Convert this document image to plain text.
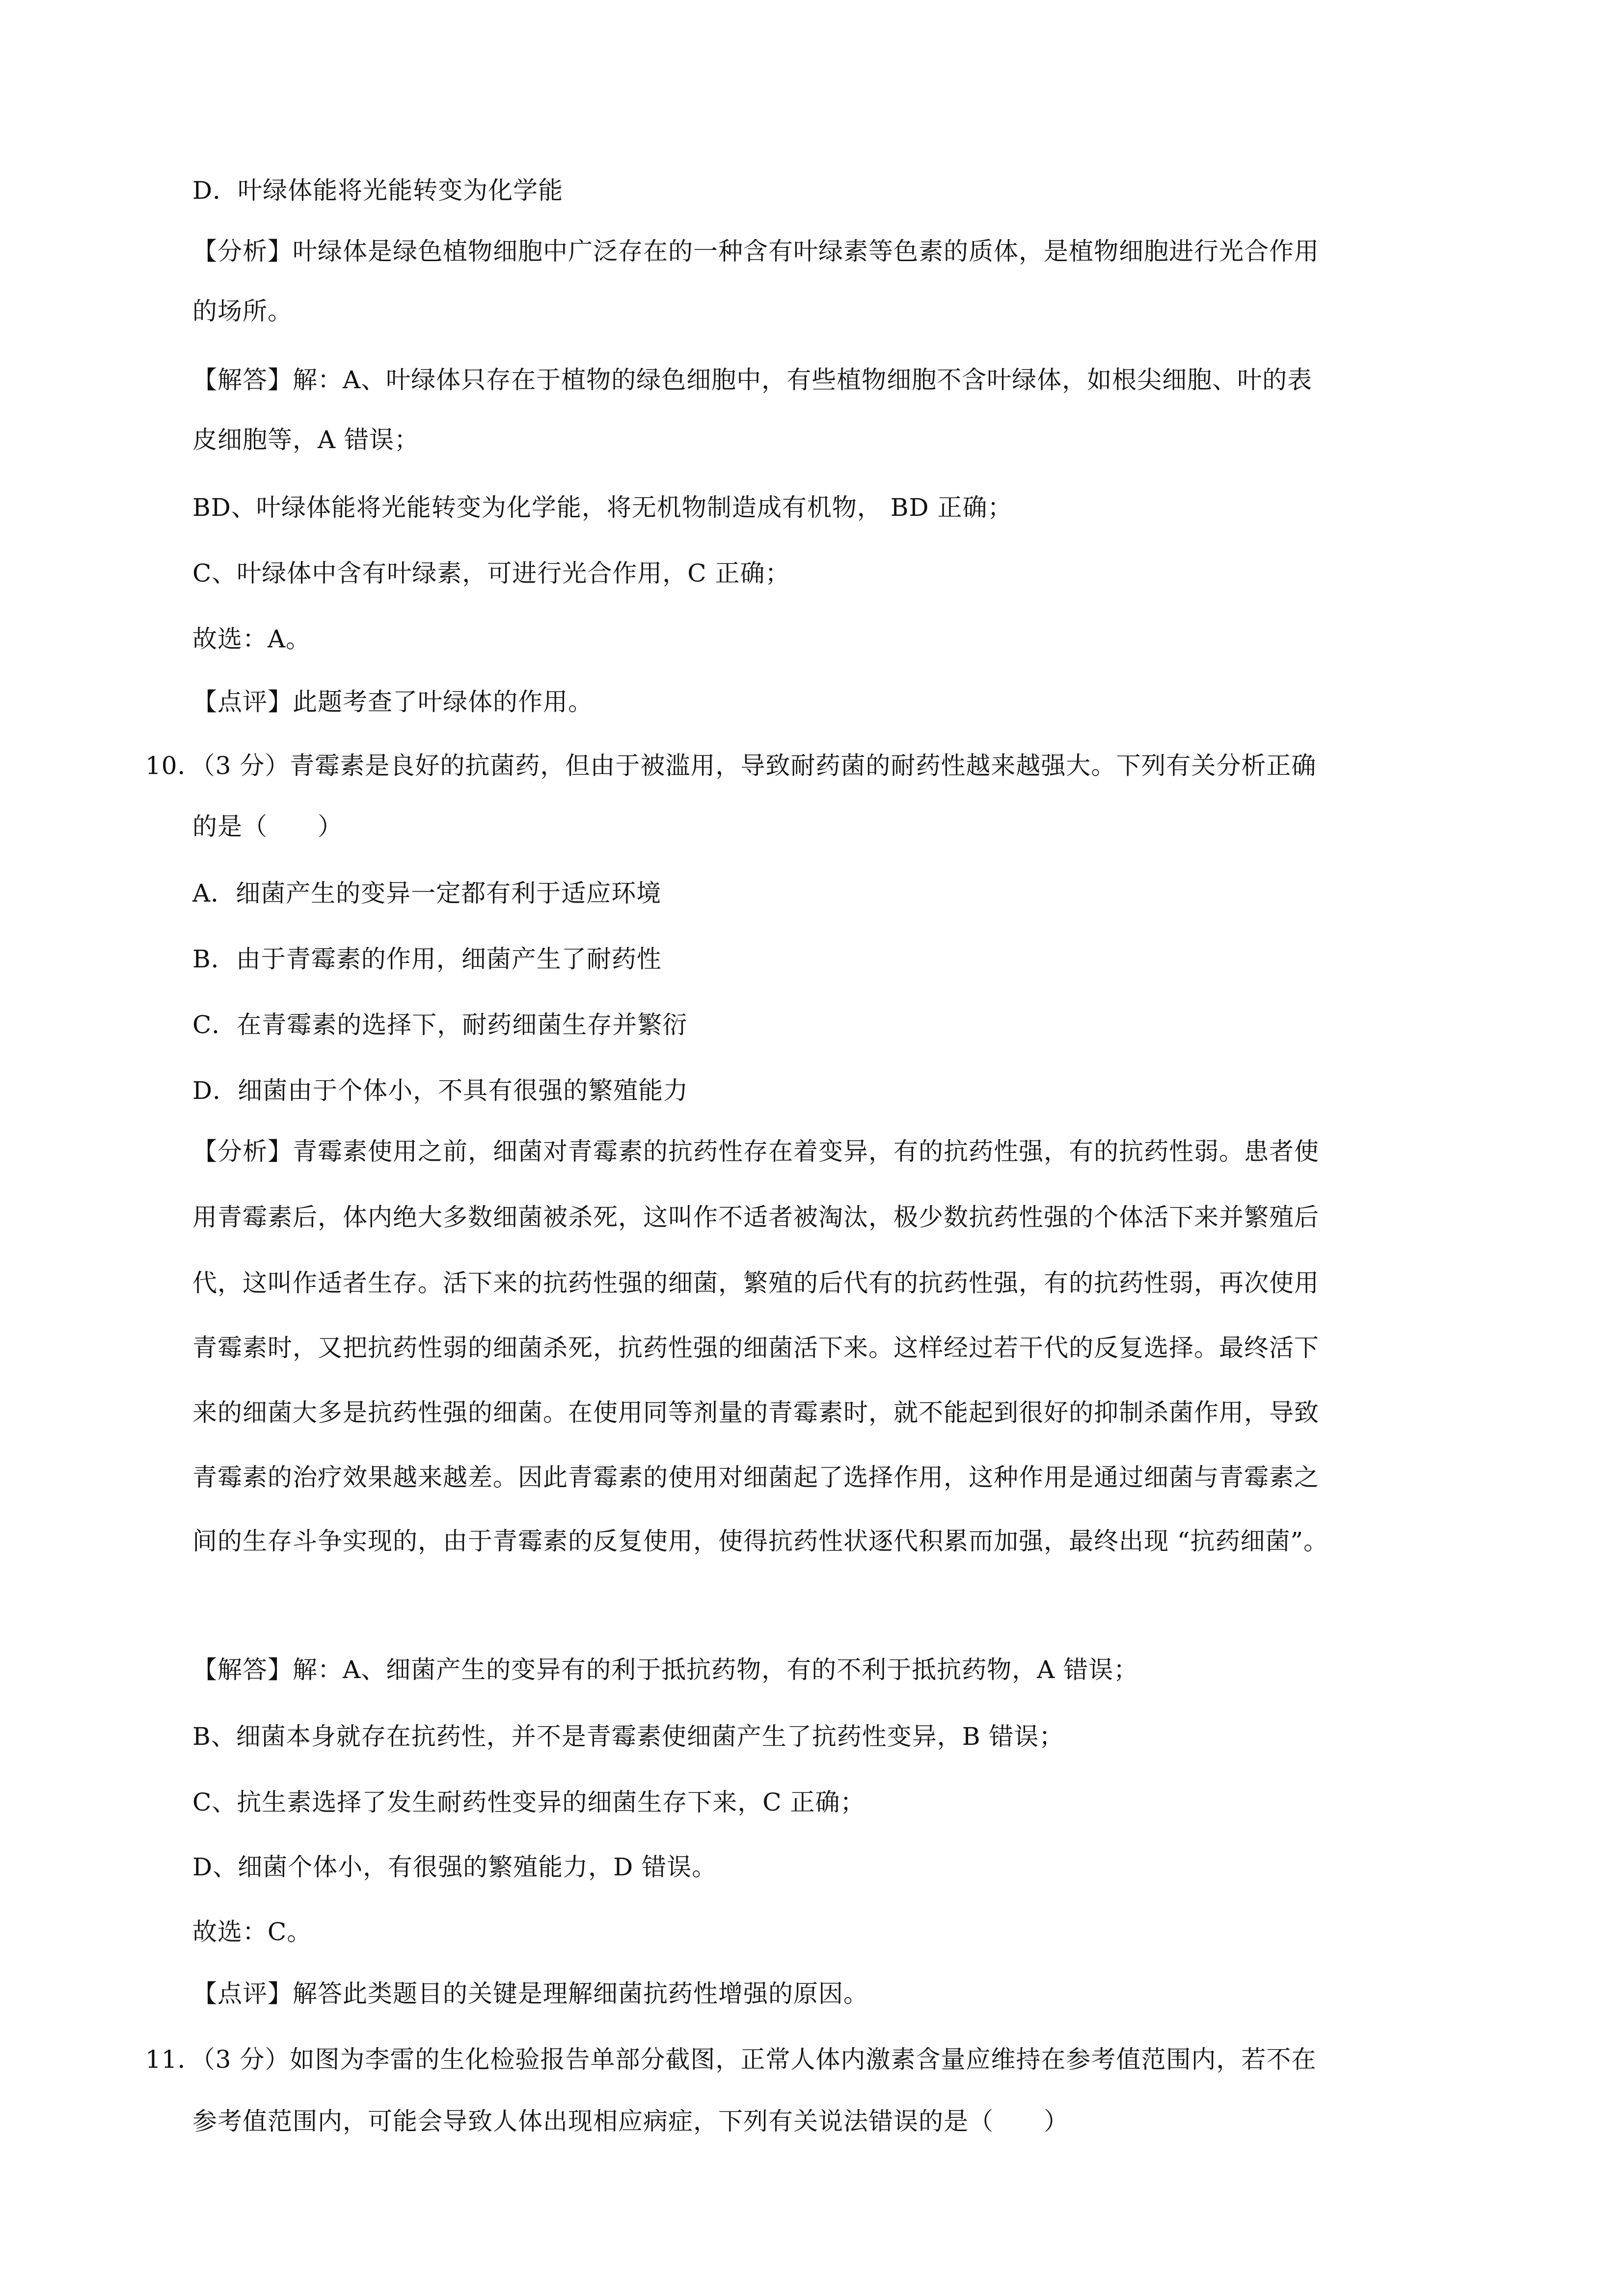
D．叶绿体能将光能转变为化学能
【分析】叶绿体是绿色植物细胞中广泛存在的一种含有叶绿素等色素的质体，是植物细胞进行光合作用
的场所。
【解答】解：A、叶绿体只存在于植物的绿色细胞中，有些植物细胞不含叶绿体，如根尖细胞、叶的表
皮细胞等，A 错误；
BD、叶绿体能将光能转变为化学能，将无机物制造成有机物， BD 正确；
C、叶绿体中含有叶绿素，可进行光合作用，C 正确；
故选：A。
【点评】此题考查了叶绿体的作用。
10．（3 分）青霉素是良好的抗菌药，但由于被滥用，导致耐药菌的耐药性越来越强大。下列有关分析正确
的是（　　）
A．细菌产生的变异一定都有利于适应环境
B．由于青霉素的作用，细菌产生了耐药性
C．在青霉素的选择下，耐药细菌生存并繁衍
D．细菌由于个体小，不具有很强的繁殖能力
【分析】青霉素使用之前，细菌对青霉素的抗药性存在着变异，有的抗药性强，有的抗药性弱。患者使
用青霉素后，体内绝大多数细菌被杀死，这叫作不适者被淘汰，极少数抗药性强的个体活下来并繁殖后
代，这叫作适者生存。活下来的抗药性强的细菌，繁殖的后代有的抗药性强，有的抗药性弱，再次使用
青霉素时，又把抗药性弱的细菌杀死，抗药性强的细菌活下来。这样经过若干代的反复选择。最终活下
来的细菌大多是抗药性强的细菌。在使用同等剂量的青霉素时，就不能起到很好的抑制杀菌作用，导致
青霉素的治疗效果越来越差。因此青霉素的使用对细菌起了选择作用，这种作用是通过细菌与青霉素之
间的生存斗争实现的，由于青霉素的反复使用，使得抗药性状逐代积累而加强，最终出现 “抗药细菌”。
【解答】解：A、细菌产生的变异有的利于抵抗药物，有的不利于抵抗药物，A 错误；
B、细菌本身就存在抗药性，并不是青霉素使细菌产生了抗药性变异，B 错误；
C、抗生素选择了发生耐药性变异的细菌生存下来，C 正确；
D、细菌个体小，有很强的繁殖能力，D 错误。
故选：C。
【点评】解答此类题目的关键是理解细菌抗药性增强的原因。
11．（3 分）如图为李雷的生化检验报告单部分截图，正常人体内激素含量应维持在参考值范围内，若不在
参考值范围内，可能会导致人体出现相应病症，下列有关说法错误的是（　　）
